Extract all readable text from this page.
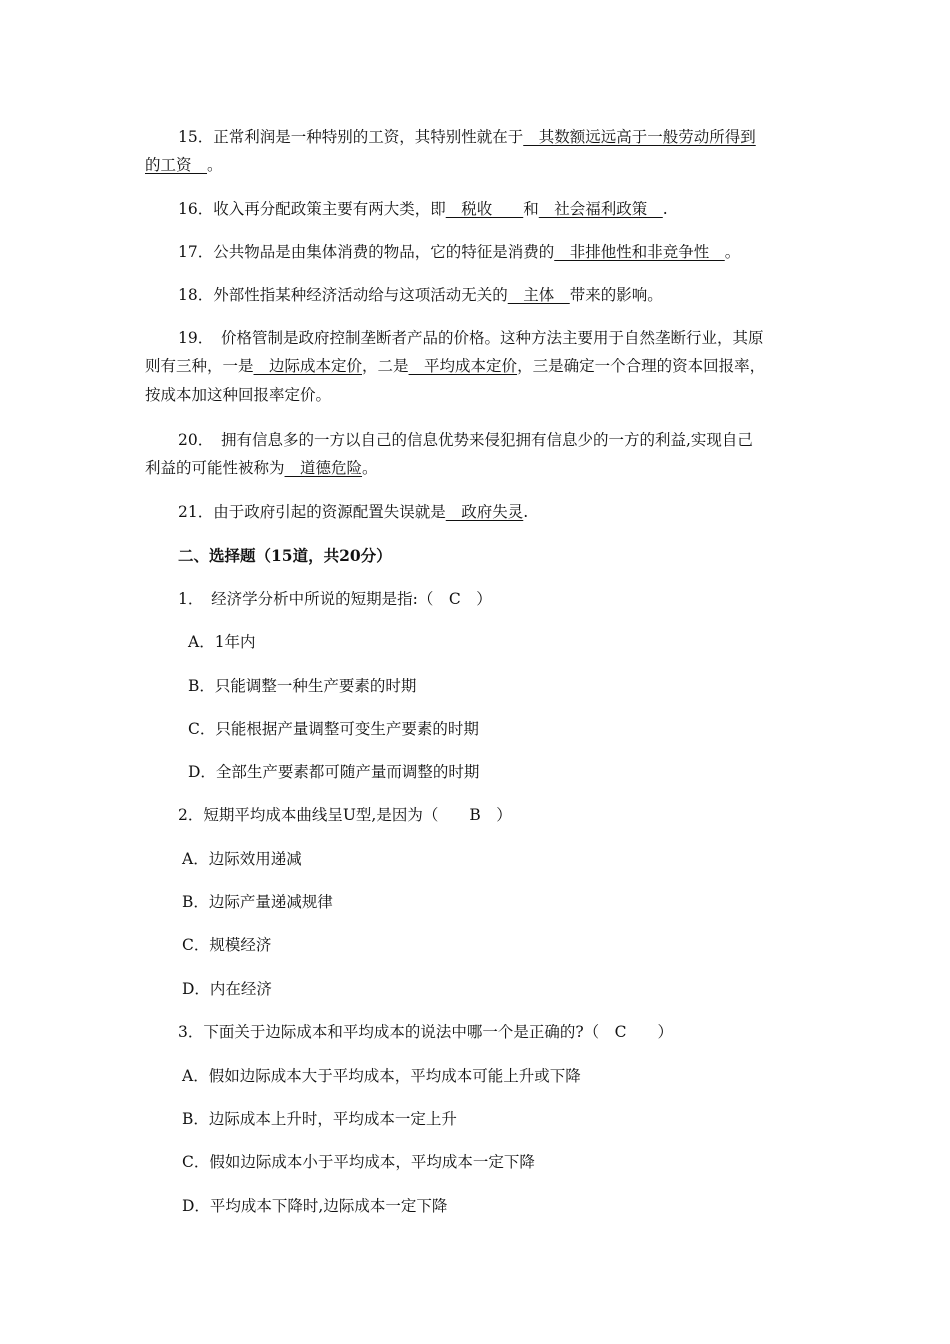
15．正常利润是一种特别的工资，其特别性就在于　其数额远远高于一般劳动所得到
的工资　。
16．收入再分配政策主要有两大类，即　税收　　和　社会福利政策　.
17．公共物品是由集体消费的物品，它的特征是消费的　非排他性和非竞争性　。
18．外部性指某种经济活动给与这项活动无关的　主体　带来的影响。
19．　价格管制是政府控制垄断者产品的价格。这种方法主要用于自然垄断行业，其原
则有三种，一是　边际成本定价，二是　平均成本定价，三是确定一个合理的资本回报率，
按成本加这种回报率定价。
20．　拥有信息多的一方以自己的信息优势来侵犯拥有信息少的一方的利益,实现自己
利益的可能性被称为　道德危险。
21．由于政府引起的资源配置失误就是　政府失灵.
二、选择题（15道，共20分）
1．　经济学分析中所说的短期是指:（　C　）
A．1年内
B．只能调整一种生产要素的时期
C．只能根据产量调整可变生产要素的时期
D．全部生产要素都可随产量而调整的时期
2．短期平均成本曲线呈U型,是因为（　　B　）
A．边际效用递减
B．边际产量递减规律
C．规模经济
D．内在经济
3．下面关于边际成本和平均成本的说法中哪一个是正确的?（　C　　）
A．假如边际成本大于平均成本，平均成本可能上升或下降
B．边际成本上升时，平均成本一定上升
C．假如边际成本小于平均成本，平均成本一定下降
D．平均成本下降时,边际成本一定下降
